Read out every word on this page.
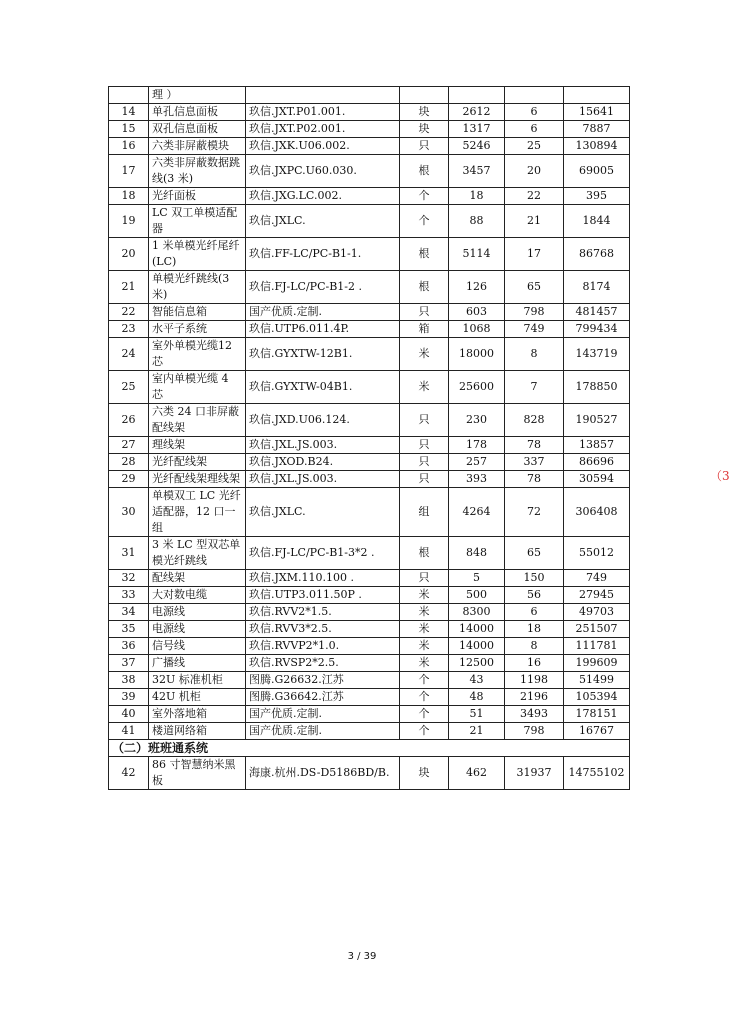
	理 ）					
14	单孔信息面板	玖信.JXT.P01.001.	块	2612	6	15641
15	双孔信息面板	玖信.JXT.P02.001.	块	1317	6	7887
16	六类非屏蔽模块	玖信.JXK.U06.002.	只	5246	25	130894
17	六类非屏蔽数据跳线(3 米)	玖信.JXPC.U60.030.	根	3457	20	69005
18	光纤面板	玖信.JXG.LC.002.	个	18	22	395
19	LC 双工单模适配器	玖信.JXLC.	个	88	21	1844
20	1 米单模光纤尾纤(LC)	玖信.FF-LC/PC-B1-1.	根	5114	17	86768
21	单模光纤跳线(3米)	玖信.FJ-LC/PC-B1-2 .	根	126	65	8174
22	智能信息箱	国产优质.定制.	只	603	798	481457
23	水平子系统	玖信.UTP6.011.4P.	箱	1068	749	799434
24	室外单模光缆12芯	玖信.GYXTW-12B1.	米	18000	8	143719
25	室内单模光缆 4 芯	玖信.GYXTW-04B1.	米	25600	7	178850
26	六类 24 口非屏蔽配线架	玖信.JXD.U06.124.	只	230	828	190527
27	理线架	玖信.JXL.JS.003.	只	178	78	13857
28	光纤配线架	玖信.JXOD.B24.	只	257	337	86696
29	光纤配线架理线架	玖信.JXL.JS.003.	只	393	78	30594
30	单模双工 LC 光纤适配器，12 口一组	玖信.JXLC.	组	4264	72	306408
31	3 米 LC 型双芯单模光纤跳线	玖信.FJ-LC/PC-B1-3*2 .	根	848	65	55012
32	配线架	玖信.JXM.110.100 .	只	5	150	749
33	大对数电缆	玖信.UTP3.011.50P .	米	500	56	27945
34	电源线	玖信.RVV2*1.5.	米	8300	6	49703
35	电源线	玖信.RVV3*2.5.	米	14000	18	251507
36	信号线	玖信.RVVP2*1.0.	米	14000	8	111781
37	广播线	玖信.RVSP2*2.5.	米	12500	16	199609
38	32U 标准机柜	图腾.G26632.江苏	个	43	1198	51499
39	42U 机柜	图腾.G36642.江苏	个	48	2196	105394
40	室外落地箱	国产优质.定制.	个	51	3493	178151
41	楼道网络箱	国产优质.定制.	个	21	798	16767
（二）班班通系统						
42	86 寸智慧纳米黑板	海康.杭州.DS-D5186BD/B.	块	462	31937	14755102
3 / 39
（3
